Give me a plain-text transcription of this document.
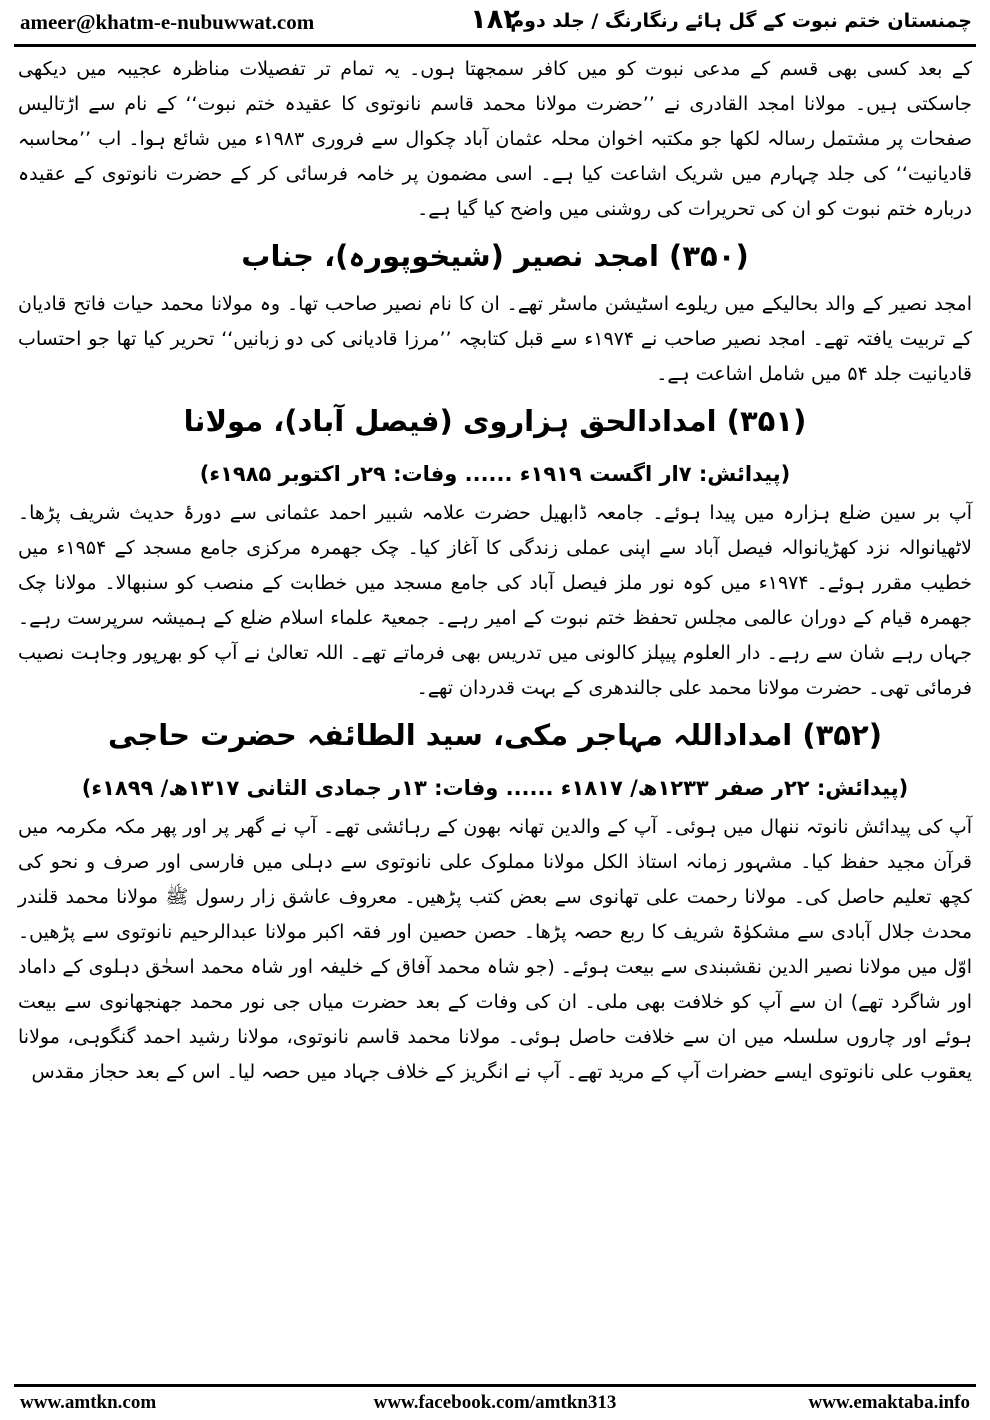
ameer@khatm-e-nubuwwat.com	۱۸۲
چمنستان ختم نبوت کے گل ہائے رنگارنگ / جلد دوم

کے بعد کسی بھی قسم کے مدعی نبوت کو میں کافر سمجھتا ہوں۔ یہ تمام تر تفصیلات مناظرہ عجیبہ میں دیکھی جاسکتی ہیں۔ مولانا امجد القادری نے ’’حضرت مولانا محمد قاسم نانوتوی کا عقیدہ ختم نبوت‘‘ کے نام سے اڑتالیس صفحات پر مشتمل رسالہ لکھا جو مکتبہ اخوان محلہ عثمان آباد چکوال سے فروری ۱۹۸۳ء میں شائع ہوا۔ اب ’’محاسبہ قادیانیت‘‘ کی جلد چہارم میں شریک اشاعت کیا ہے۔ اسی مضمون پر خامہ فرسائی کر کے حضرت نانوتوی کے عقیدہ دربارہ ختم نبوت کو ان کی تحریرات کی روشنی میں واضح کیا گیا ہے۔

(۳۵۰) امجد نصیر (شیخوپورہ)، جناب

امجد نصیر کے والد بحالیکے میں ریلوے اسٹیشن ماسٹر تھے۔ ان کا نام نصیر صاحب تھا۔ وہ مولانا محمد حیات فاتح قادیان کے تربیت یافتہ تھے۔ امجد نصیر صاحب نے ۱۹۷۴ء سے قبل کتابچہ ’’مرزا قادیانی کی دو زبانیں‘‘ تحریر کیا تھا جو احتساب قادیانیت جلد ۵۴ میں شامل اشاعت ہے۔

(۳۵۱) امدادالحق ہزاروی (فیصل آباد)، مولانا

(پیدائش: ۷ار اگست ۱۹۱۹ء ...... وفات: ۲۹ر اکتوبر ۱۹۸۵ء)

آپ بر سین ضلع ہزارہ میں پیدا ہوئے۔ جامعہ ڈابھیل حضرت علامہ شبیر احمد عثمانی سے دورۂ حدیث شریف پڑھا۔ لاٹھیانوالہ نزد کھڑیانوالہ فیصل آباد سے اپنی عملی زندگی کا آغاز کیا۔ چک جھمرہ مرکزی جامع مسجد کے ۱۹۵۴ء میں خطیب مقرر ہوئے۔ ۱۹۷۴ء میں کوہ نور ملز فیصل آباد کی جامع مسجد میں خطابت کے منصب کو سنبھالا۔ مولانا چک جھمرہ قیام کے دوران عالمی مجلس تحفظ ختم نبوت کے امیر رہے۔ جمعیۃ علماء اسلام ضلع کے ہمیشہ سرپرست رہے۔ جہاں رہے شان سے رہے۔ دار العلوم پیپلز کالونی میں تدریس بھی فرماتے تھے۔ اللہ تعالیٰ نے آپ کو بھرپور وجاہت نصیب فرمائی تھی۔ حضرت مولانا محمد علی جالندھری کے بہت قدردان تھے۔

(۳۵۲) امداداللہ مہاجر مکی، سید الطائفہ حضرت حاجی

(پیدائش: ۲۲ر صفر ۱۲۳۳ھ/ ۱۸۱۷ء ...... وفات: ۱۳ر جمادی الثانی ۱۳۱۷ھ/ ۱۸۹۹ء)

آپ کی پیدائش نانوتہ ننھال میں ہوئی۔ آپ کے والدین تھانہ بھون کے رہائشی تھے۔ آپ نے گھر پر اور پھر مکہ مکرمہ میں قرآن مجید حفظ کیا۔ مشہور زمانہ استاذ الکل مولانا مملوک علی نانوتوی سے دہلی میں فارسی اور صرف و نحو کی کچھ تعلیم حاصل کی۔ مولانا رحمت علی تھانوی سے بعض کتب پڑھیں۔ معروف عاشق زار رسول ﷺ مولانا محمد قلندر محدث جلال آبادی سے مشکوٰۃ شریف کا ربع حصہ پڑھا۔ حصن حصین اور فقہ اکبر مولانا عبدالرحیم نانوتوی سے پڑھیں۔ اوّل میں مولانا نصیر الدین نقشبندی سے بیعت ہوئے۔ (جو شاہ محمد آفاق کے خلیفہ اور شاہ محمد اسحٰق دہلوی کے داماد اور شاگرد تھے) ان سے آپ کو خلافت بھی ملی۔ ان کی وفات کے بعد حضرت میاں جی نور محمد جھنجھانوی سے بیعت ہوئے اور چاروں سلسلہ میں ان سے خلافت حاصل ہوئی۔ مولانا محمد قاسم نانوتوی، مولانا رشید احمد گنگوہی، مولانا یعقوب علی نانوتوی ایسے حضرات آپ کے مرید تھے۔ آپ نے انگریز کے خلاف جہاد میں حصہ لیا۔ اس کے بعد حجاز مقدس

www.amtkn.com	www.facebook.com/amtkn313	www.emaktaba.info
